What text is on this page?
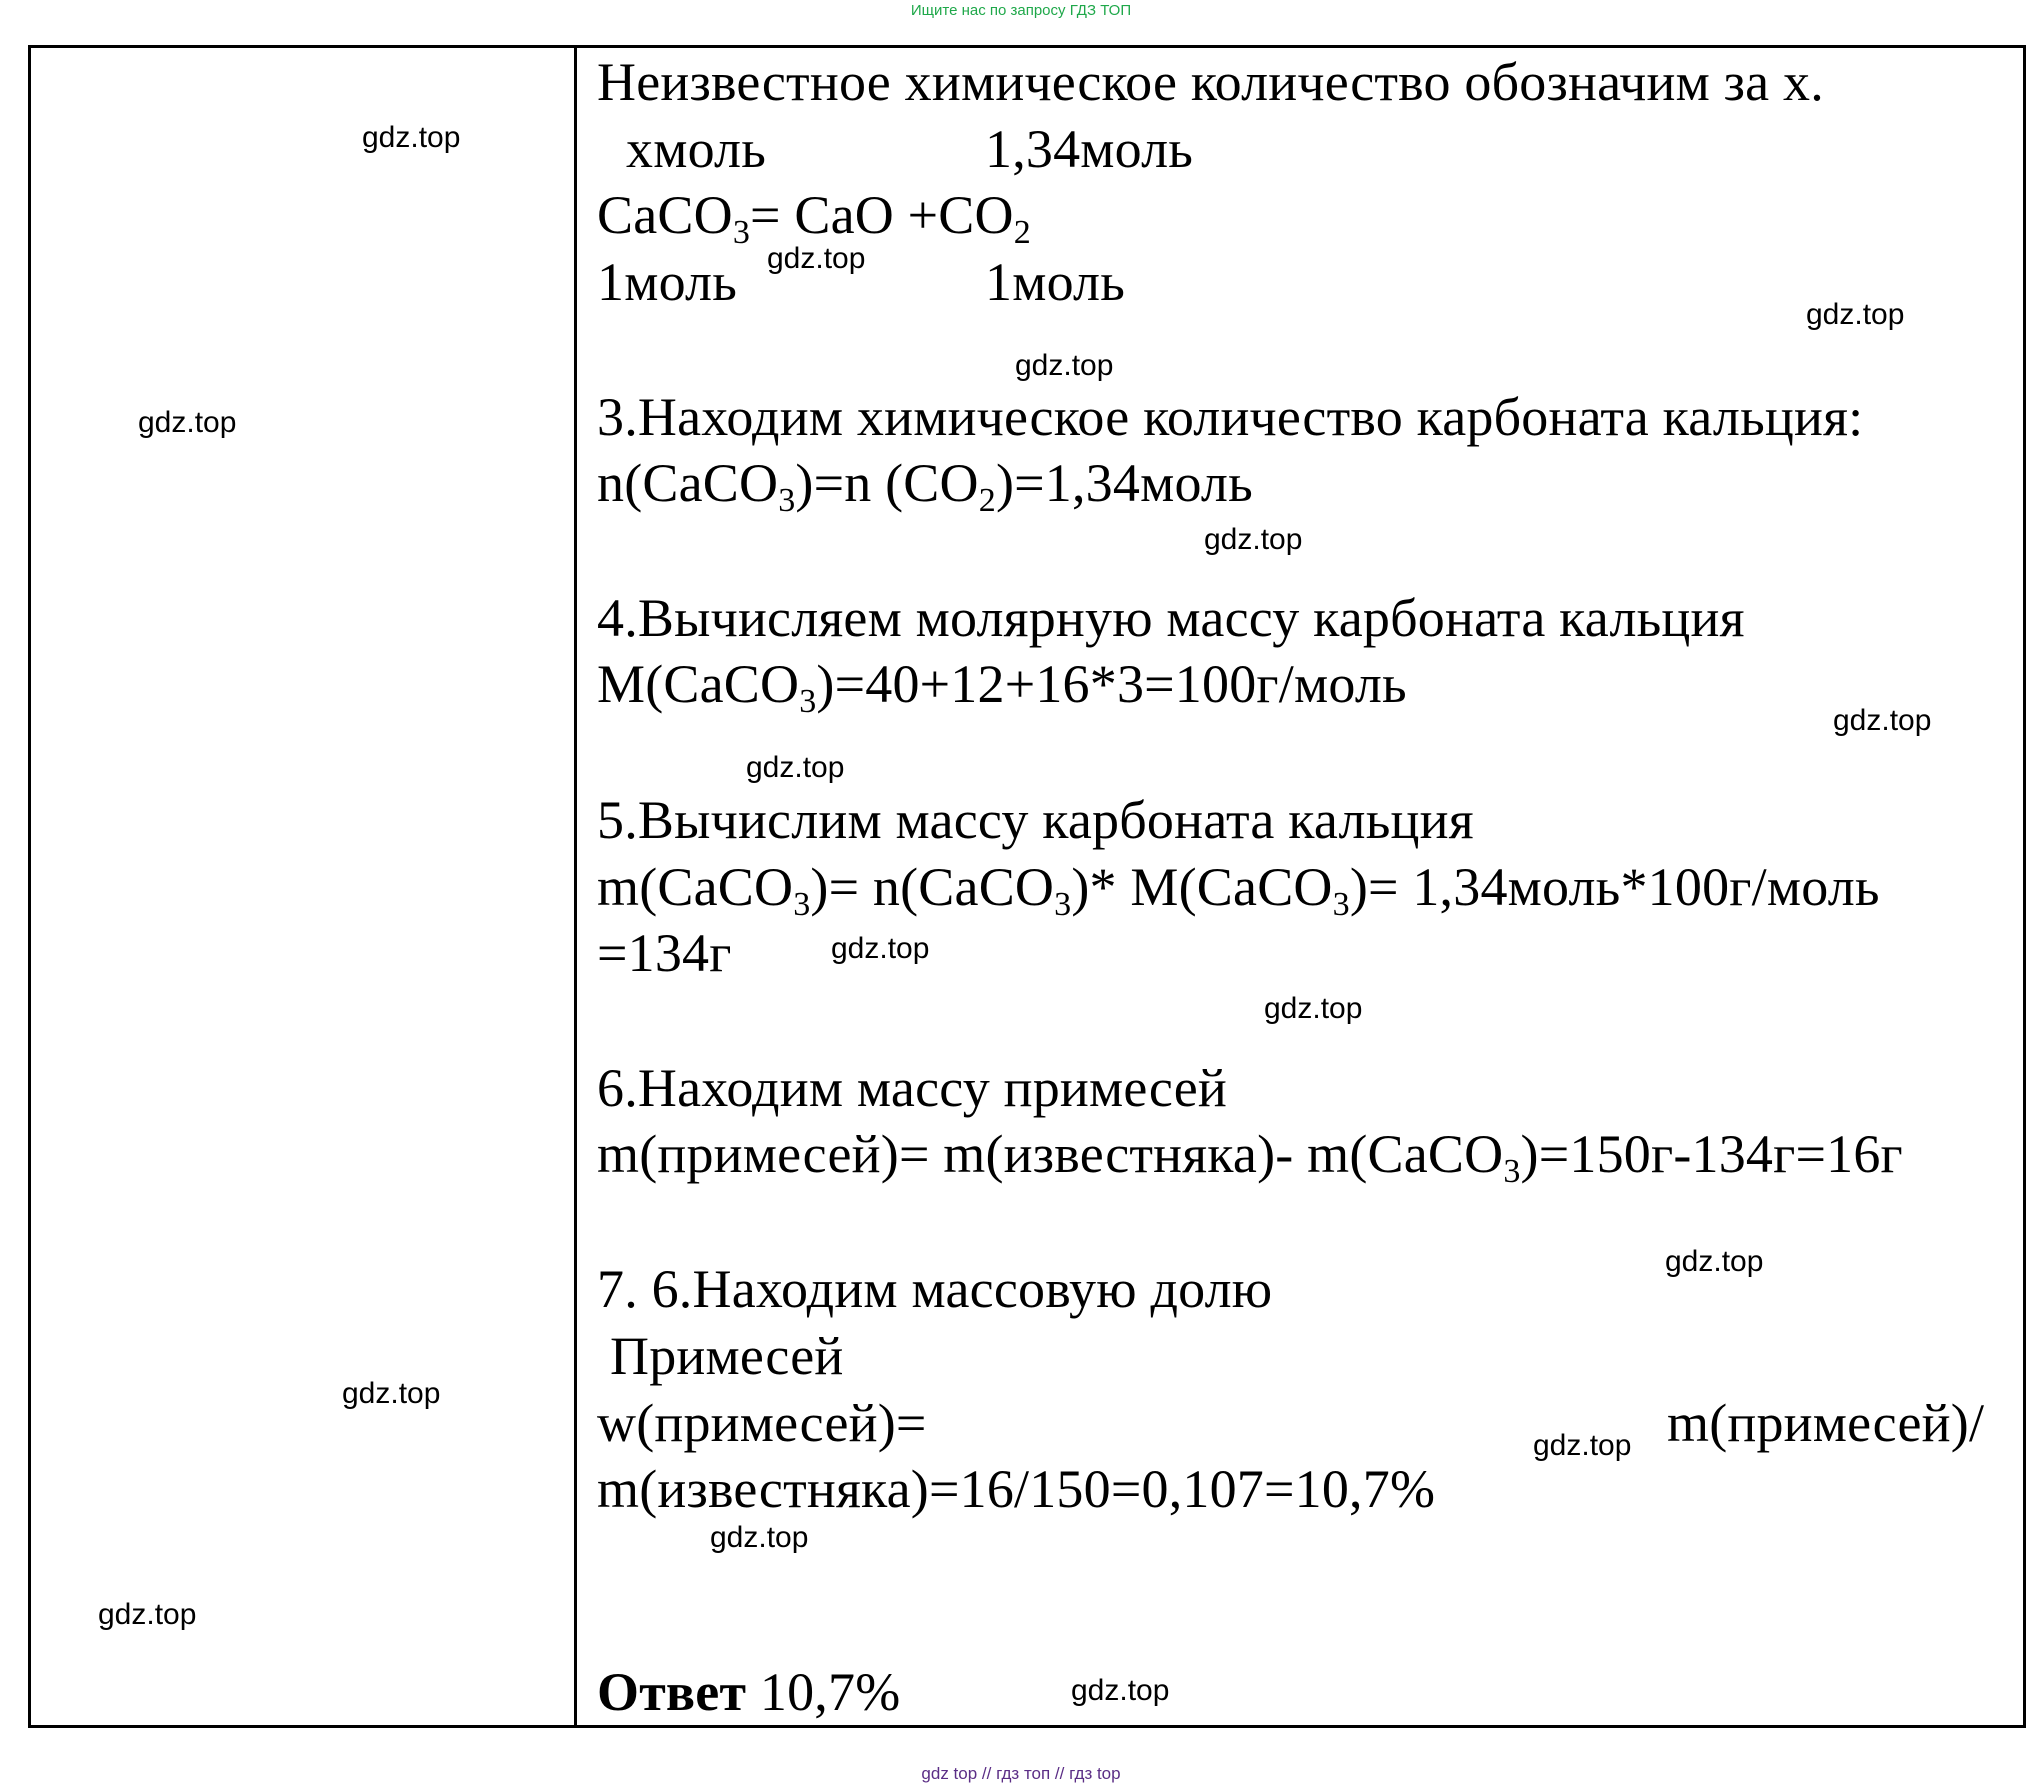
Ищите нас по запросу ГДЗ ТОП
Неизвестное химическое количество обозначим за х.
хмоль	1,34моль
CaCO$_3$= CaO $+CO_2$
1моль	1моль
3.Находим химическое количество карбоната кальция:
n(CaCO$_3$)=n $(CO_2)=1,34моль$
4.Вычисляем молярную массу карбоната кальция
M(CaCO$_3$)=40+12+16*3=100г/моль
5.Вычислим массу карбоната кальция
m(CaCO$_3$)= n(CaCO$_3$)* M(CaCO$_3$)= 1,34моль*100г/моль
=134г
6.Находим массу примесей
m(примесей)= m(известняка)- m(CaCO$_3$)=150г-134г=16г
7. 6.Находим массовую долю
Примесей
w(примесей)=	m(примесей)/
m(известняка)=16/150=0,107=10,7%
Ответ 10,7%
gdz.top
gdz.top
gdz.top
gdz.top
gdz.top
gdz.top
gdz.top
gdz.top
gdz.top
gdz.top
gdz.top
gdz.top
gdz.top
gdz.top
gdz.top
gdz.top
gdz top // гдз топ // гдз top
